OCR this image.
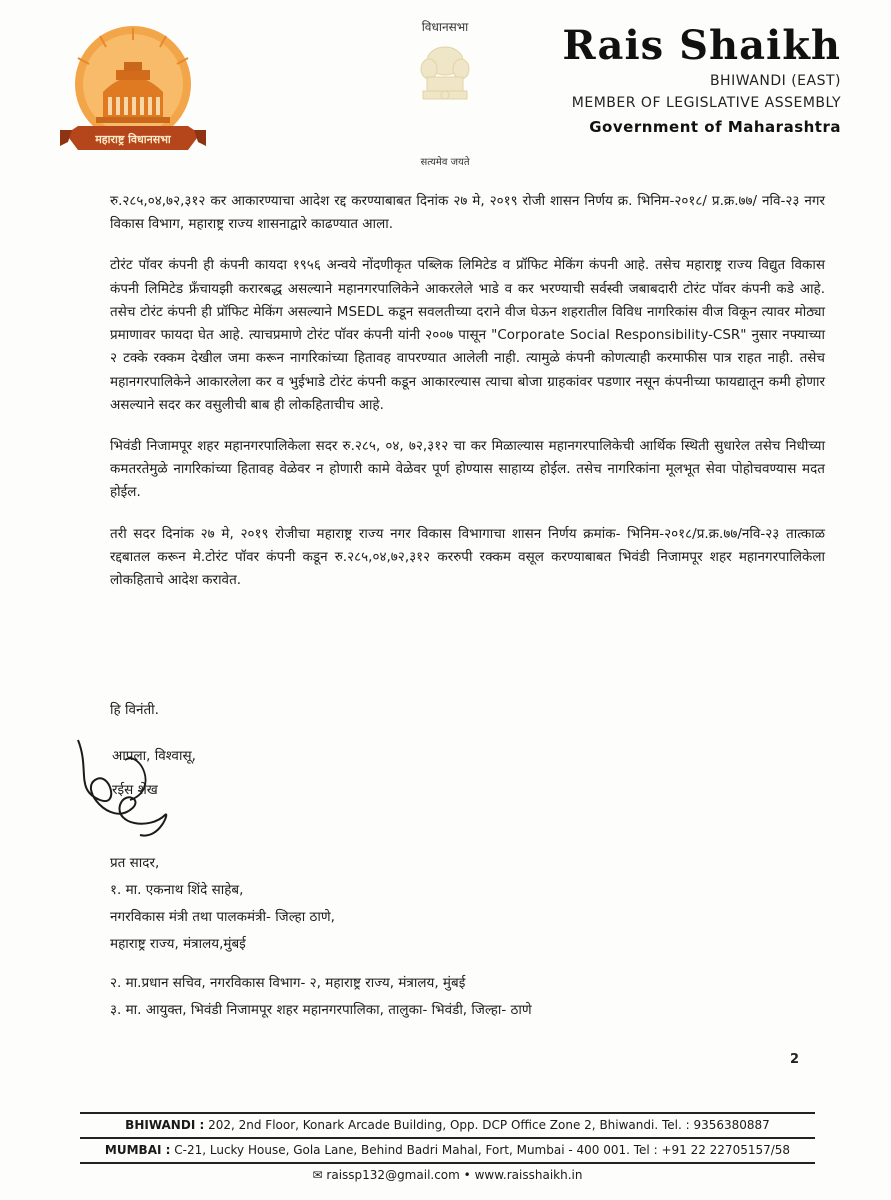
महाराष्ट्र विधानसभा
विधानसभा
सत्यमेव जयते
Rais Shaikh
BHIWANDI (EAST)
MEMBER OF LEGISLATIVE ASSEMBLY
Government of Maharashtra

रु.२८५,०४,७२,३१२ कर आकारण्याचा आदेश रद्द करण्याबाबत दिनांक २७ मे, २०१९ रोजी शासन निर्णय क्र. भिनिम-२०१८/ प्र.क्र.७७/ नवि-२३ नगर विकास विभाग, महाराष्ट्र राज्य शासनाद्वारे काढण्यात आला.

टोरंट पॉवर कंपनी ही कंपनी कायदा १९५६ अन्वये नोंदणीकृत पब्लिक लिमिटेड व प्रॉफिट मेकिंग कंपनी आहे. तसेच महाराष्ट्र राज्य विद्युत विकास कंपनी लिमिटेड फ्रँचायझी करारबद्ध असल्याने महानगरपालिकेने आकरलेले भाडे व कर भरण्याची सर्वस्वी जबाबदारी टोरंट पॉवर कंपनी कडे आहे. तसेच टोरंट कंपनी ही प्रॉफिट मेकिंग असल्याने MSEDL कडून सवलतीच्या दराने वीज घेऊन शहरातील विविध नागरिकांस वीज विकून त्यावर मोठ्या प्रमाणावर फायदा घेत आहे. त्याचप्रमाणे टोरंट पॉवर कंपनी यांनी २००७ पासून "Corporate Social Responsibility-CSR" नुसार नफ्याच्या २ टक्के रक्कम देखील जमा करून नागरिकांच्या हितावह वापरण्यात आलेली नाही. त्यामुळे कंपनी कोणत्याही करमाफीस पात्र राहत नाही. तसेच महानगरपालिकेने आकारलेला कर व भुईभाडे टोरंट कंपनी कडून आकारल्यास त्याचा बोजा ग्राहकांवर पडणार नसून कंपनीच्या फायद्यातून कमी होणार असल्याने सदर कर वसुलीची बाब ही लोकहिताचीच आहे.

भिवंडी निजामपूर शहर महानगरपालिकेला सदर रु.२८५, ०४, ७२,३१२ चा कर मिळाल्यास महानगरपालिकेची आर्थिक स्थिती सुधारेल तसेच निधीच्या कमतरतेमुळे नागरिकांच्या हितावह वेळेवर न होणारी कामे वेळेवर पूर्ण होण्यास साहाय्य होईल. तसेच नागरिकांना मूलभूत सेवा पोहोचवण्यास मदत होईल.

तरी सदर दिनांक २७ मे, २०१९ रोजीचा महाराष्ट्र राज्य नगर विकास विभागाचा शासन निर्णय क्रमांक- भिनिम-२०१८/प्र.क्र.७७/नवि-२३ तात्काळ रद्दबातल करून मे.टोरंट पॉवर कंपनी कडून रु.२८५,०४,७२,३१२ कररुपी रक्कम वसूल करण्याबाबत भिवंडी निजामपूर शहर महानगरपालिकेला लोकहिताचे आदेश करावेत.

हि विनंती.
आपला, विश्वासू,
रईस शेख
प्रत सादर,
१. मा. एकनाथ शिंदे साहेब,
नगरविकास मंत्री तथा पालकमंत्री- जिल्हा ठाणे,
महाराष्ट्र राज्य, मंत्रालय,मुंबई
२. मा.प्रधान सचिव, नगरविकास विभाग- २, महाराष्ट्र राज्य, मंत्रालय, मुंबई
३. मा. आयुक्त, भिवंडी निजामपूर शहर महानगरपालिका, तालुका- भिवंडी, जिल्हा- ठाणे
2
BHIWANDI : 202, 2nd Floor, Konark Arcade Building, Opp. DCP Office Zone 2, Bhiwandi. Tel. : 9356380887
MUMBAI : C-21, Lucky House, Gola Lane, Behind Badri Mahal, Fort, Mumbai - 400 001. Tel : +91 22 22705157/58
✉ raissp132@gmail.com • www.raisshaikh.in
